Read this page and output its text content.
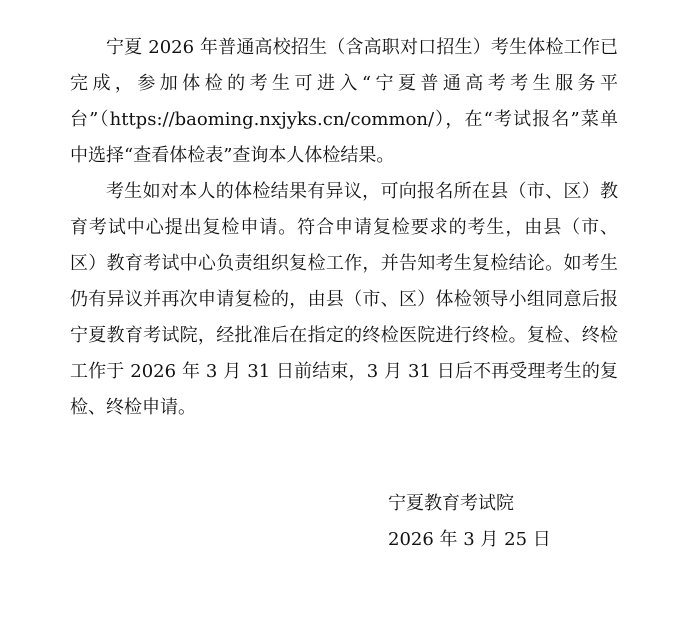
宁夏 2026 年普通高校招生（含高职对口招生）考生体检工作已完成，参加体检的考生可进入“宁夏普通高考考生服务平台”（https://baoming.nxjyks.cn/common/），在“考试报名”菜单中选择“查看体检表”查询本人体检结果。

考生如对本人的体检结果有异议，可向报名所在县（市、区）教育考试中心提出复检申请。符合申请复检要求的考生，由县（市、区）教育考试中心负责组织复检工作，并告知考生复检结论。如考生仍有异议并再次申请复检的，由县（市、区）体检领导小组同意后报宁夏教育考试院，经批准后在指定的终检医院进行终检。复检、终检工作于 2026 年 3 月 31 日前结束，3 月 31 日后不再受理考生的复检、终检申请。

宁夏教育考试院
2026 年 3 月 25 日
